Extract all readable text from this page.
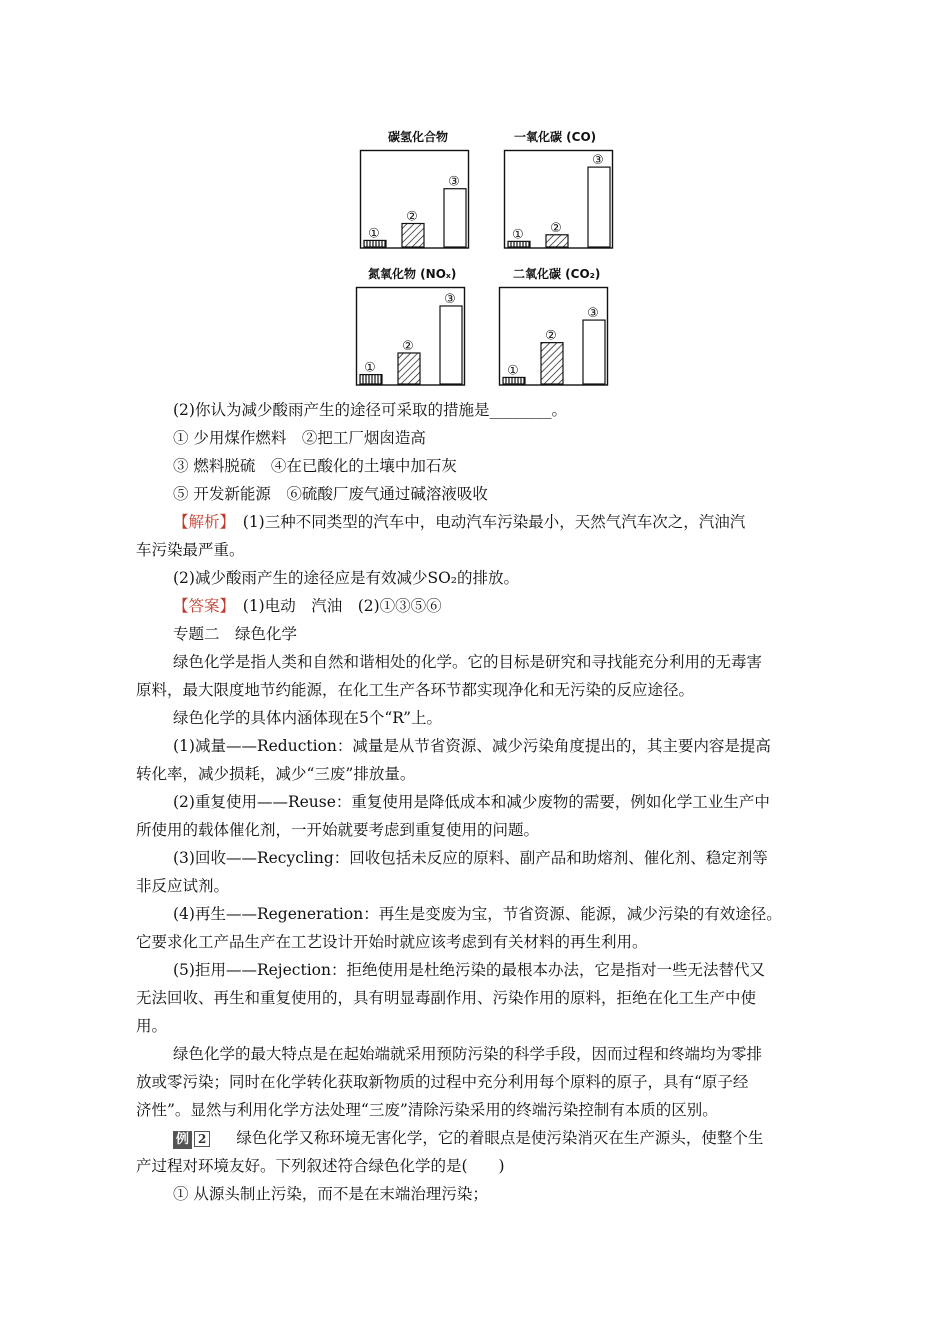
碳氢化合物
①
②
③
一氧化碳 (CO)
① ②
③
氮氧化物 (NOₓ)
①
②
③
二氧化碳 (CO₂)
①
②
③
(2)你认为减少酸雨产生的途径可采取的措施是________。
① 少用煤作燃料　②把工厂烟囱造高
③ 燃料脱硫　④在已酸化的土壤中加石灰
⑤ 开发新能源　⑥硫酸厂废气通过碱溶液吸收
【解析】　(1)三种不同类型的汽车中，电动汽车污染最小，天然气汽车次之，汽油汽
车污染最严重。
(2)减少酸雨产生的途径应是有效减少SO₂的排放。
【答案】　(1)电动　汽油　(2)①③⑤⑥
专题二　绿色化学
绿色化学是指人类和自然和谐相处的化学。它的目标是研究和寻找能充分利用的无毒害
原料，最大限度地节约能源，在化工生产各环节都实现净化和无污染的反应途径。
绿色化学的具体内涵体现在5个“R”上。
(1)减量——Reduction：减量是从节省资源、减少污染角度提出的，其主要内容是提高
转化率，减少损耗，减少“三废”排放量。
(2)重复使用——Reuse：重复使用是降低成本和减少废物的需要，例如化学工业生产中
所使用的载体催化剂，一开始就要考虑到重复使用的问题。
(3)回收——Recycling：回收包括未反应的原料、副产品和助熔剂、催化剂、稳定剂等
非反应试剂。
(4)再生——Regeneration：再生是变废为宝，节省资源、能源，减少污染的有效途径。
它要求化工产品生产在工艺设计开始时就应该考虑到有关材料的再生利用。
(5)拒用——Rejection：拒绝使用是杜绝污染的最根本办法，它是指对一些无法替代又
无法回收、再生和重复使用的，具有明显毒副作用、污染作用的原料，拒绝在化工生产中使
用。
绿色化学的最大特点是在起始端就采用预防污染的科学手段，因而过程和终端均为零排
放或零污染；同时在化学转化获取新物质的过程中充分利用每个原料的原子，具有“原子经
济性”。显然与利用化学方法处理“三废”清除污染采用的终端污染控制有本质的区别。
例 2 绿色化学又称环境无害化学，它的着眼点是使污染消灭在生产源头，使整个生
产过程对环境友好。下列叙述符合绿色化学的是(　　)
① 从源头制止污染，而不是在末端治理污染；
